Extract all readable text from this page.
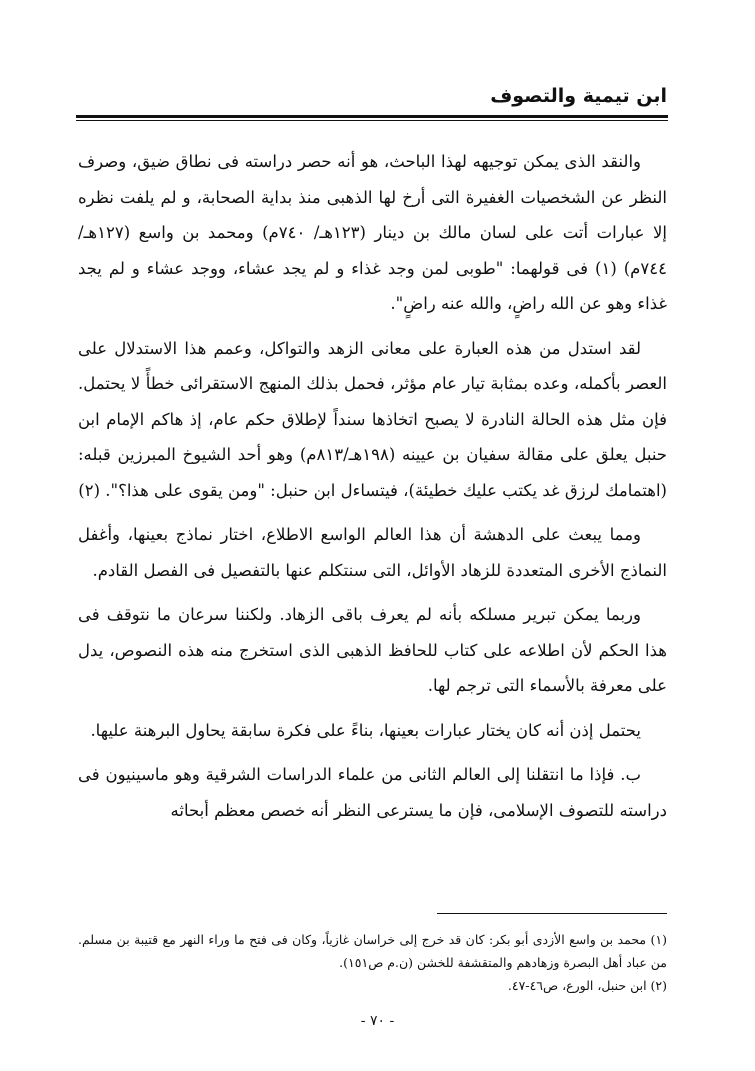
ابن تيمية والتصوف

والنقد الذى يمكن توجيهه لهذا الباحث، هو أنه حصر دراسته فى نطاق ضيق، وصرف النظر عن الشخصيات الغفيرة التى أرخ لها الذهبى منذ بداية الصحابة، و لم يلفت نظره إلا عبارات أتت على لسان مالك بن دينار (١٢٣هـ/ ٧٤٠م) ومحمد بن واسع (١٢٧هـ/٧٤٤م) (١) فى قولهما: "طوبى لمن وجد غذاء و لم يجد عشاء، ووجد عشاء و لم يجد غذاء وهو عن الله راضٍ، والله عنه راضٍ".

لقد استدل من هذه العبارة على معانى الزهد والتواكل، وعمم هذا الاستدلال على العصر بأكمله، وعده بمثابة تيار عام مؤثر، فحمل بذلك المنهج الاستقرائى خطأً لا يحتمل. فإن مثل هذه الحالة النادرة لا يصبح اتخاذها سنداً لإطلاق حكم عام، إذ هاكم الإمام ابن حنبل يعلق على مقالة سفيان بن عيينه (١٩٨هـ/٨١٣م) وهو أحد الشيوخ المبرزين قبله: (اهتمامك لرزق غد يكتب عليك خطيئة)، فيتساءل ابن حنبل: "ومن يقوى على هذا؟". (٢)

ومما يبعث على الدهشة أن هذا العالم الواسع الاطلاع، اختار نماذج بعينها، وأغفل النماذج الأخرى المتعددة للزهاد الأوائل، التى سنتكلم عنها بالتفصيل فى الفصل القادم.

وربما يمكن تبرير مسلكه بأنه لم يعرف باقى الزهاد. ولكننا سرعان ما نتوقف فى هذا الحكم لأن اطلاعه على كتاب للحافظ الذهبى الذى استخرج منه هذه النصوص، يدل على معرفة بالأسماء التى ترجم لها.

يحتمل إذن أنه كان يختار عبارات بعينها، بناءً على فكرة سابقة يحاول البرهنة عليها.

ب. فإذا ما انتقلنا إلى العالم الثانى من علماء الدراسات الشرقية وهو ماسينيون فى دراسته للتصوف الإسلامى، فإن ما يسترعى النظر أنه خصص معظم أبحاثه

(١) محمد بن واسع الأزدى أبو بكر: كان قد خرج إلى خراسان غازياً، وكان فى فتح ما وراء النهر مع قتيبة بن مسلم. من عباد أهل البصرة وزهادهم والمتقشفة للخشن (ن.م ص١٥١).

(٢) ابن حنبل، الورع، ص٤٦-٤٧.

- ٧٠ -
